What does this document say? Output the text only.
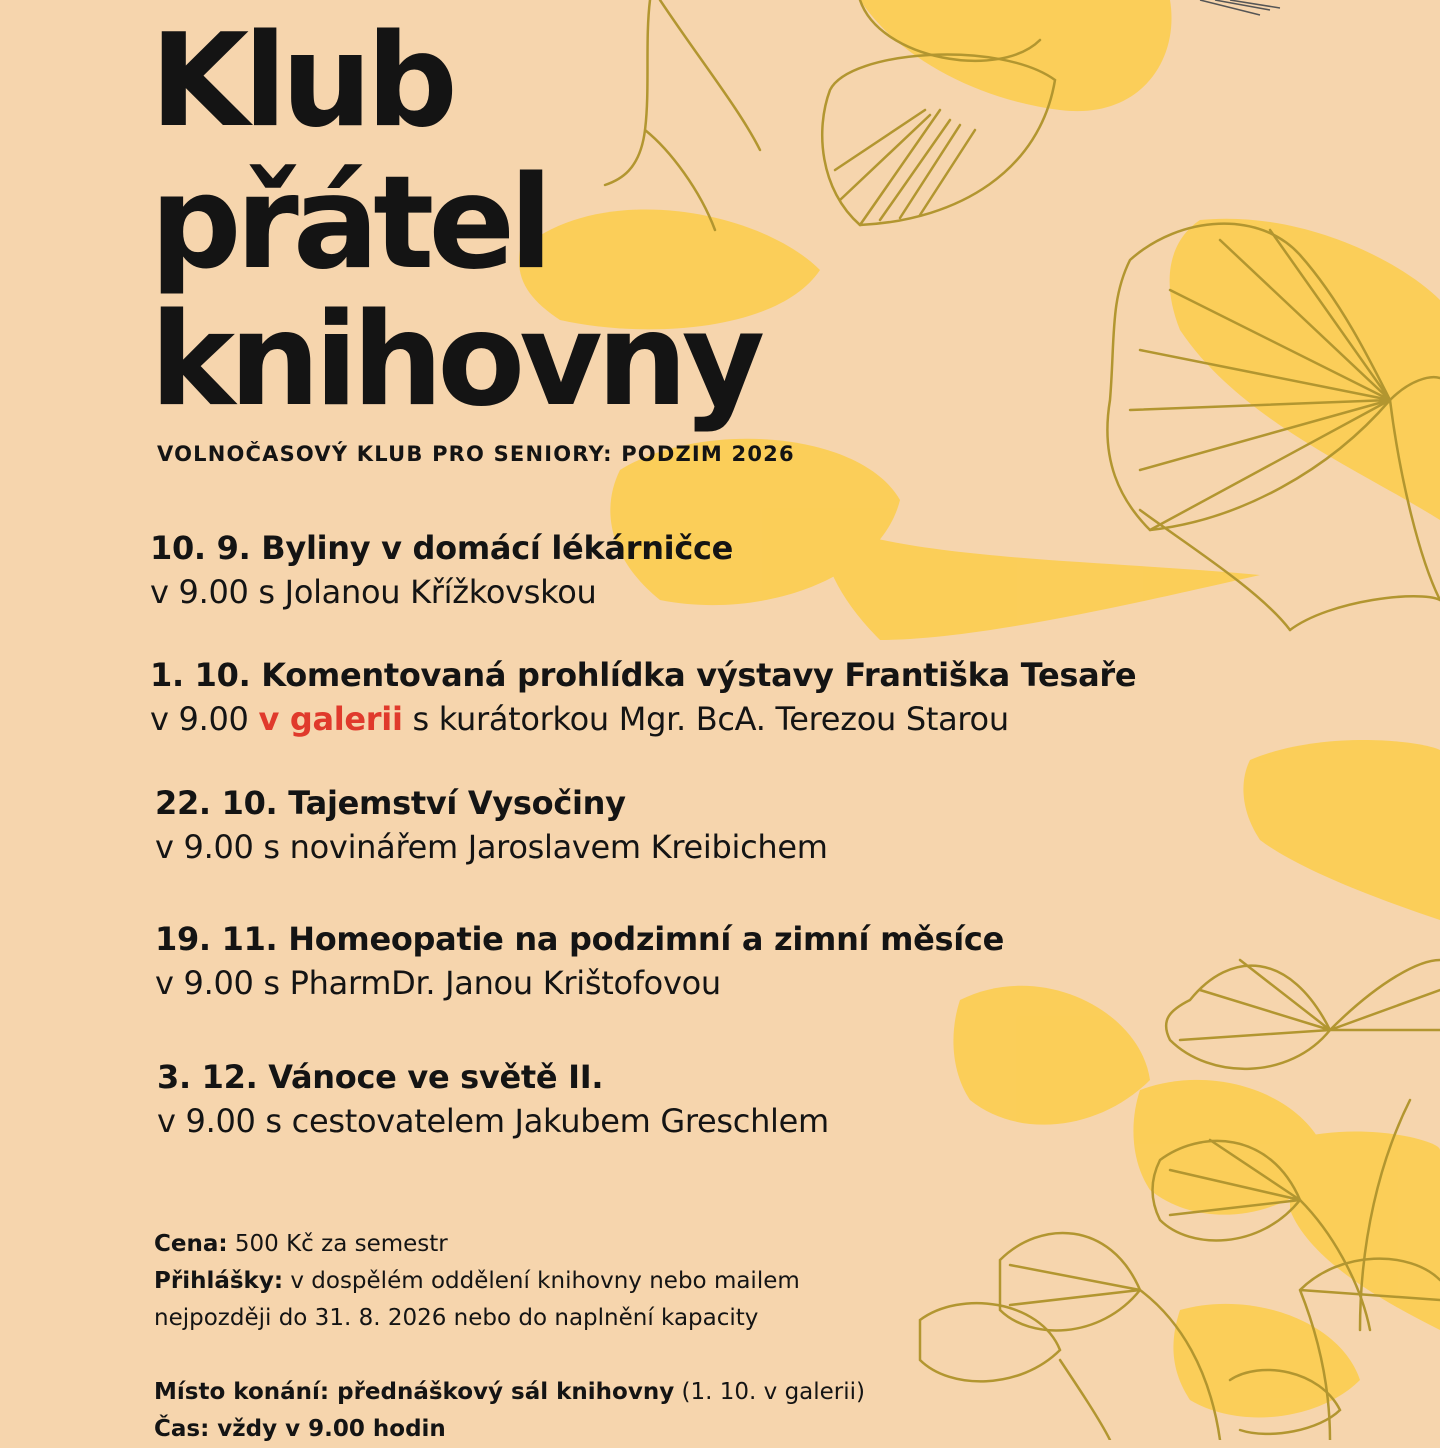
Klub
přátel
knihovny
VOLNOČASOVÝ KLUB PRO SENIORY: PODZIM 2026
10. 9. Byliny v domácí lékárničce
v 9.00 s Jolanou Křížkovskou
1. 10. Komentovaná prohlídka výstavy Františka Tesaře
v 9.00 v galerii s kurátorkou Mgr. BcA. Terezou Starou
22. 10. Tajemství Vysočiny
v 9.00 s novinářem Jaroslavem Kreibichem
19. 11. Homeopatie na podzimní a zimní měsíce
v 9.00 s PharmDr. Janou Krištofovou
3. 12. Vánoce ve světě II.
v 9.00 s cestovatelem Jakubem Greschlem
Cena: 500 Kč za semestr
Přihlášky: v dospělém oddělení knihovny nebo mailem
nejpozději do 31. 8. 2026 nebo do naplnění kapacity
Místo konání: přednáškový sál knihovny (1. 10. v galerii)
Čas: vždy v 9.00 hodin
